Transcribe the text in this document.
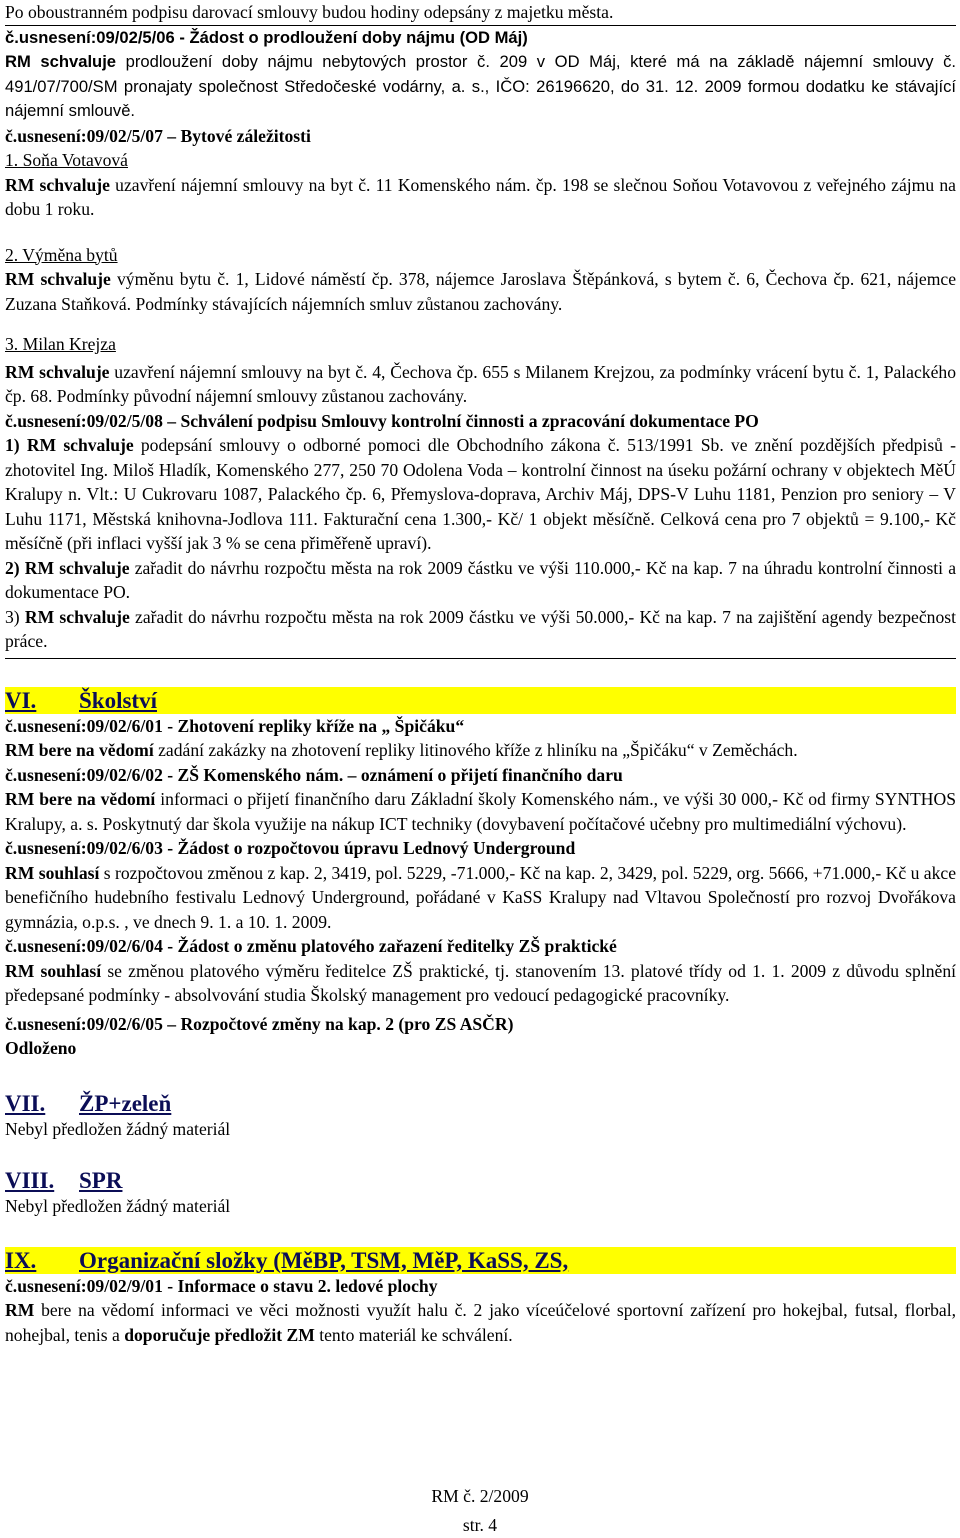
Po oboustranném podpisu darovací smlouvy budou hodiny odepsány z majetku města.

č.usnesení:09/02/5/06 - Žádost o prodloužení doby nájmu (OD Máj)

RM schvaluje prodloužení doby nájmu nebytových prostor č. 209 v OD Máj, které má na základě nájemní smlouvy č. 491/07/700/SM pronajaty společnost Středočeské vodárny, a. s., IČO: 26196620, do 31. 12. 2009 formou dodatku ke stávající nájemní smlouvě.

č.usnesení:09/02/5/07 – Bytové záležitosti

1. Soňa Votavová

RM schvaluje uzavření nájemní smlouvy na byt č. 11 Komenského nám. čp. 198 se slečnou Soňou Votavovou z veřejného zájmu na dobu 1 roku.

2. Výměna bytů

RM schvaluje výměnu bytu č. 1, Lidové náměstí čp. 378, nájemce Jaroslava Štěpánková, s bytem č. 6, Čechova čp. 621, nájemce Zuzana Staňková. Podmínky stávajících nájemních smluv zůstanou zachovány.

3. Milan Krejza

RM schvaluje uzavření nájemní smlouvy na byt č. 4, Čechova čp. 655 s Milanem Krejzou, za podmínky vrácení bytu č. 1, Palackého čp. 68. Podmínky původní nájemní smlouvy zůstanou zachovány.

č.usnesení:09/02/5/08 – Schválení podpisu Smlouvy kontrolní činnosti a zpracování dokumentace PO

1) RM schvaluje podepsání smlouvy o odborné pomoci dle Obchodního zákona č. 513/1991 Sb. ve znění pozdějších předpisů - zhotovitel Ing. Miloš Hladík, Komenského 277, 250 70 Odolena Voda – kontrolní činnost na úseku požární ochrany v objektech MěÚ Kralupy n. Vlt.: U Cukrovaru 1087, Palackého čp. 6, Přemyslova-doprava, Archiv Máj, DPS-V Luhu 1181, Penzion pro seniory – V Luhu 1171, Městská knihovna-Jodlova 111. Fakturační cena 1.300,- Kč/ 1 objekt měsíčně. Celková cena pro 7 objektů = 9.100,- Kč měsíčně (při inflaci vyšší jak 3 % se cena přiměřeně upraví).

2) RM schvaluje zařadit do návrhu rozpočtu města na rok 2009 částku ve výši 110.000,- Kč na kap. 7 na úhradu kontrolní činnosti a dokumentace PO.

3) RM schvaluje zařadit do návrhu rozpočtu města na rok 2009 částku ve výši 50.000,- Kč na kap. 7 na zajištění agendy bezpečnost práce.

VI. Školství

č.usnesení:09/02/6/01 - Zhotovení repliky kříže na „ Špičáku“

RM bere na vědomí zadání zakázky na zhotovení repliky litinového kříže z hliníku na „Špičáku“ v Zeměchách.

č.usnesení:09/02/6/02 - ZŠ Komenského nám. – oznámení o přijetí finančního daru

RM bere na vědomí informaci o přijetí finančního daru Základní školy Komenského nám., ve výši 30 000,- Kč od firmy SYNTHOS Kralupy, a. s. Poskytnutý dar škola využije na nákup ICT techniky (dovybavení počítačové učebny pro multimediální výchovu).

č.usnesení:09/02/6/03 - Žádost o rozpočtovou úpravu Lednový Underground

RM souhlasí s rozpočtovou změnou z kap. 2, 3419, pol. 5229, -71.000,- Kč na kap. 2, 3429, pol. 5229, org. 5666, +71.000,- Kč u akce benefičního hudebního festivalu Lednový Underground, pořádané v KaSS Kralupy nad Vltavou Společností pro rozvoj Dvořákova gymnázia, o.p.s. , ve dnech 9. 1. a 10. 1. 2009.

č.usnesení:09/02/6/04 - Žádost o změnu platového zařazení ředitelky ZŠ praktické

RM souhlasí se změnou platového výměru ředitelce ZŠ praktické, tj. stanovením 13. platové třídy od 1. 1. 2009 z důvodu splnění předepsané podmínky - absolvování studia Školský management pro vedoucí pedagogické pracovníky.

č.usnesení:09/02/6/05 – Rozpočtové změny na kap. 2 (pro ZS ASČR)

Odloženo

VII. ŽP+zeleň

Nebyl předložen žádný materiál

VIII. SPR

Nebyl předložen žádný materiál

IX. Organizační složky (MěBP, TSM, MěP, KaSS, ZS,

č.usnesení:09/02/9/01 - Informace o stavu 2. ledové plochy

RM bere na vědomí informaci ve věci možnosti využít halu č. 2 jako víceúčelové sportovní zařízení pro hokejbal, futsal, florbal, nohejbal, tenis a doporučuje předložit ZM tento materiál ke schválení.

RM č. 2/2009
str. 4
